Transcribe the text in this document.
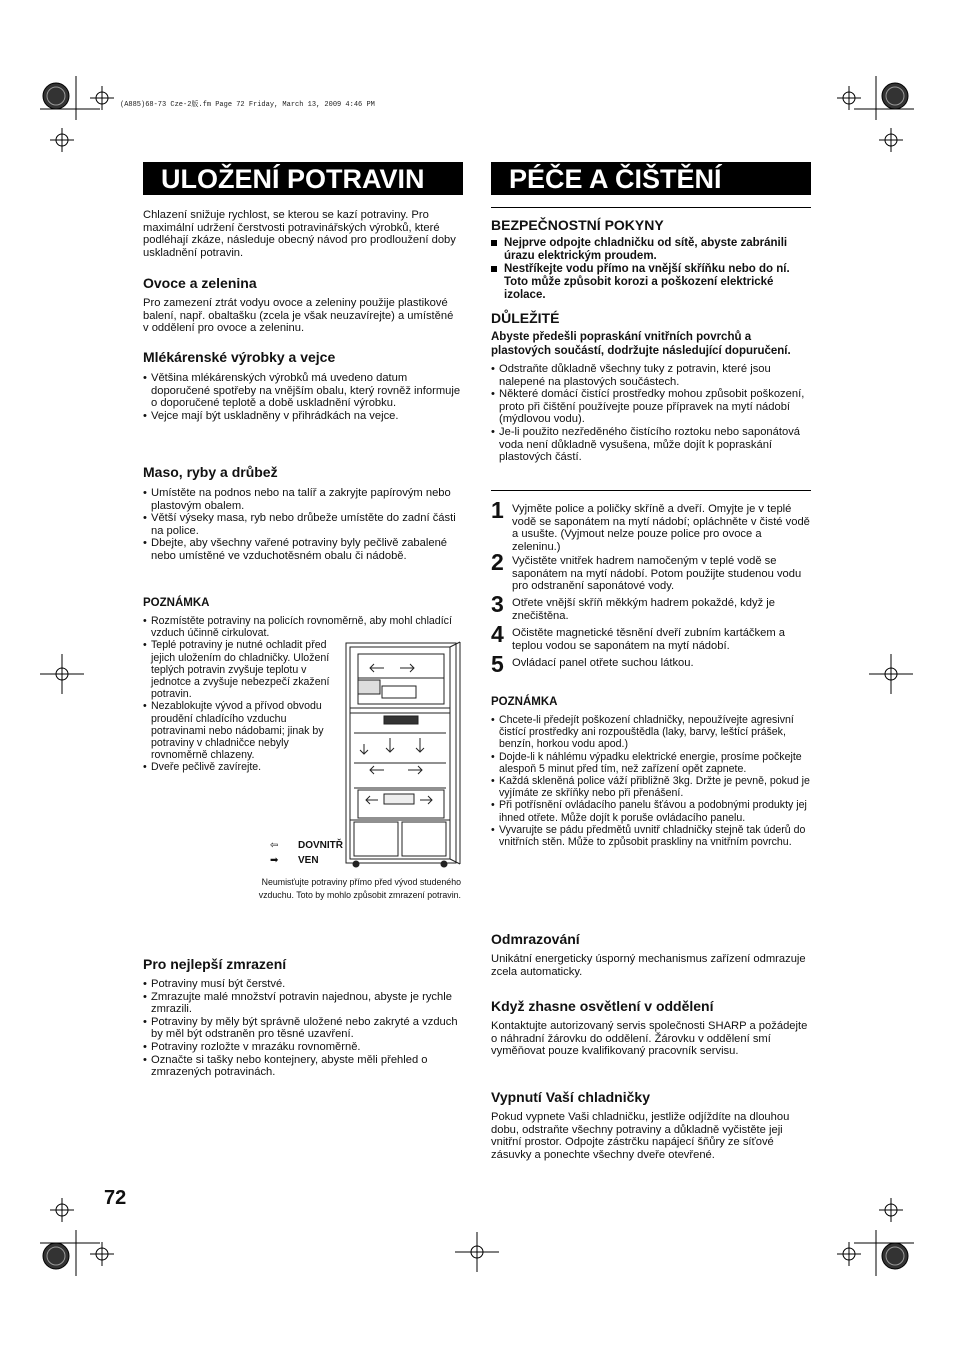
(A885)68-73 Cze-2版.fm Page 72 Friday, March 13, 2009 4:46 PM
ULOŽENÍ POTRAVIN

Chlazení snižuje rychlost, se kterou se kazí potraviny. Pro maximální udržení čerstvosti potravinářských výrobků, které podléhají zkáze, následuje obecný návod pro prodloužení doby uskladnění potravin.

Ovoce a zelenina

Pro zamezení ztrát vodyu ovoce a zeleniny použije plastikové balení, např. obaltašku (zcela je však neuzavírejte) a umístěné v oddělení pro ovoce a zeleninu.

Mlékárenské výrobky a vejce
• Většina mlékárenských výrobků má uvedeno datum doporučené spotřeby na vnějším obalu, který rovněž informuje o doporučené teplotě a době uskladnění výrobku.
• Vejce mají být uskladněny v přihrádkách na vejce.
Maso, ryby a drůbež
• Umístěte na podnos nebo na talíř a zakryjte papírovým nebo plastovým obalem.
• Větší výseky masa, ryb nebo drůbeže umístěte do zadní části na police.
• Dbejte, aby všechny vařené potraviny byly pečlivě zabalené nebo umístěné ve vzduchotěsném obalu či nádobě.
POZNÁMKA
• Rozmístěte potraviny na policích rovnoměrně, aby mohl chladící vzduch účinně cirkulovat.
• Teplé potraviny je nutné ochladit před jejich uložením do chladničky. Uložení teplých potravin zvyšuje teplotu v jednotce a zvyšuje nebezpečí zkažení potravin.
• Nezablokujte vývod a přívod obvodu proudění chladícího vzduchu potravinami nebo nádobami; jinak by potraviny v chladničce nebyly rovnoměrně chlazeny.
• Dveře pečlivě zavírejte.
⇦ DOVNITŘ
➡ VEN
Neumisťujte potraviny přímo před vývod studeného vzduchu. Toto by mohlo způsobit zmrazení potravin.
Pro nejlepší zmrazení
• Potraviny musí být čerstvé.
• Zmrazujte malé množství potravin najednou, abyste je rychle zmrazili.
• Potraviny by měly být správně uložené nebo zakryté a vzduch by měl být odstraněn pro těsné uzavření.
• Potraviny rozložte v mrazáku rovnoměrně.
• Označte si tašky nebo kontejnery, abyste měli přehled o zmrazených potravinách.
72
PÉČE A ČIŠTĚNÍ
BEZPEČNOSTNÍ POKYNY
Nejprve odpojte chladničku od sítě, abyste zabránili úrazu elektrickým proudem.
Nestříkejte vodu přímo na vnější skříňku nebo do ní. Toto může způsobit korozi a poškození elektrické izolace.
DŮLEŽITÉ

Abyste předešli popraskání vnitřních povrchů a plastových součástí, dodržujte následující dopuručení.

• Odstraňte důkladně všechny tuky z potravin, které jsou nalepené na plastových součástech.
• Některé domácí čistící prostředky mohou způsobit poškození, proto při čištění používejte pouze přípravek na mytí nádobí (mýdlovou vodu).
• Je-li použito nezředěného čistícího roztoku nebo saponátová voda není důkladně vysušena, může dojít k popraskání plastových částí.
1 Vyjměte police a poličky skříně a dveří. Omyjte je v teplé vodě se saponátem na mytí nádobí; opláchněte v čisté vodě a usušte. (Vyjmout nelze pouze police pro ovoce a zeleninu.)
2 Vyčistěte vnitřek hadrem namočeným v teplé vodě se saponátem na mytí nádobí. Potom použijte studenou vodu pro odstranění saponátové vody.
3 Otřete vnější skříň měkkým hadrem pokaždé, když je znečištěna.
4 Očistěte magnetické těsnění dveří zubním kartáčkem a teplou vodou se saponátem na mytí nádobí.
5 Ovládací panel otřete suchou látkou.
POZNÁMKA
• Chcete-li předejít poškození chladničky, nepoužívejte agresivní čistící prostředky ani rozpouštědla (laky, barvy, leštící prášek, benzín, horkou vodu apod.)
• Dojde-li k náhlému výpadku elektrické energie, prosíme počkejte alespoň 5 minut před tím, než zařízení opět zapnete.
• Každá skleněná police váží přibližně 3kg. Držte je pevně, pokud je vyjímáte ze skříňky nebo při přenášení.
• Při potřísnění ovládacího panelu šťávou a podobnými produkty jej ihned otřete. Může dojít k poruše ovládacího panelu.
• Vyvarujte se pádu předmětů uvnitř chladničky stejně tak úderů do vnitřních stěn. Může to způsobit praskliny na vnitřním povrchu.
Odmrazování

Unikátní energeticky úsporný mechanismus zařízení odmrazuje zcela automaticky.

Když zhasne osvětlení v oddělení

Kontaktujte autorizovaný servis společnosti SHARP a požádejte o náhradní žárovku do oddělení. Žárovku v oddělení smí vyměňovat pouze kvalifikovaný pracovník servisu.

Vypnutí Vaší chladničky

Pokud vypnete Vaši chladničku, jestliže odjíždíte na dlouhou dobu, odstraňte všechny potraviny a důkladně vyčistěte jeji vnitřní prostor. Odpojte zástrčku napájecí šňůry ze síťové zásuvky a ponechte všechny dveře otevřené.
